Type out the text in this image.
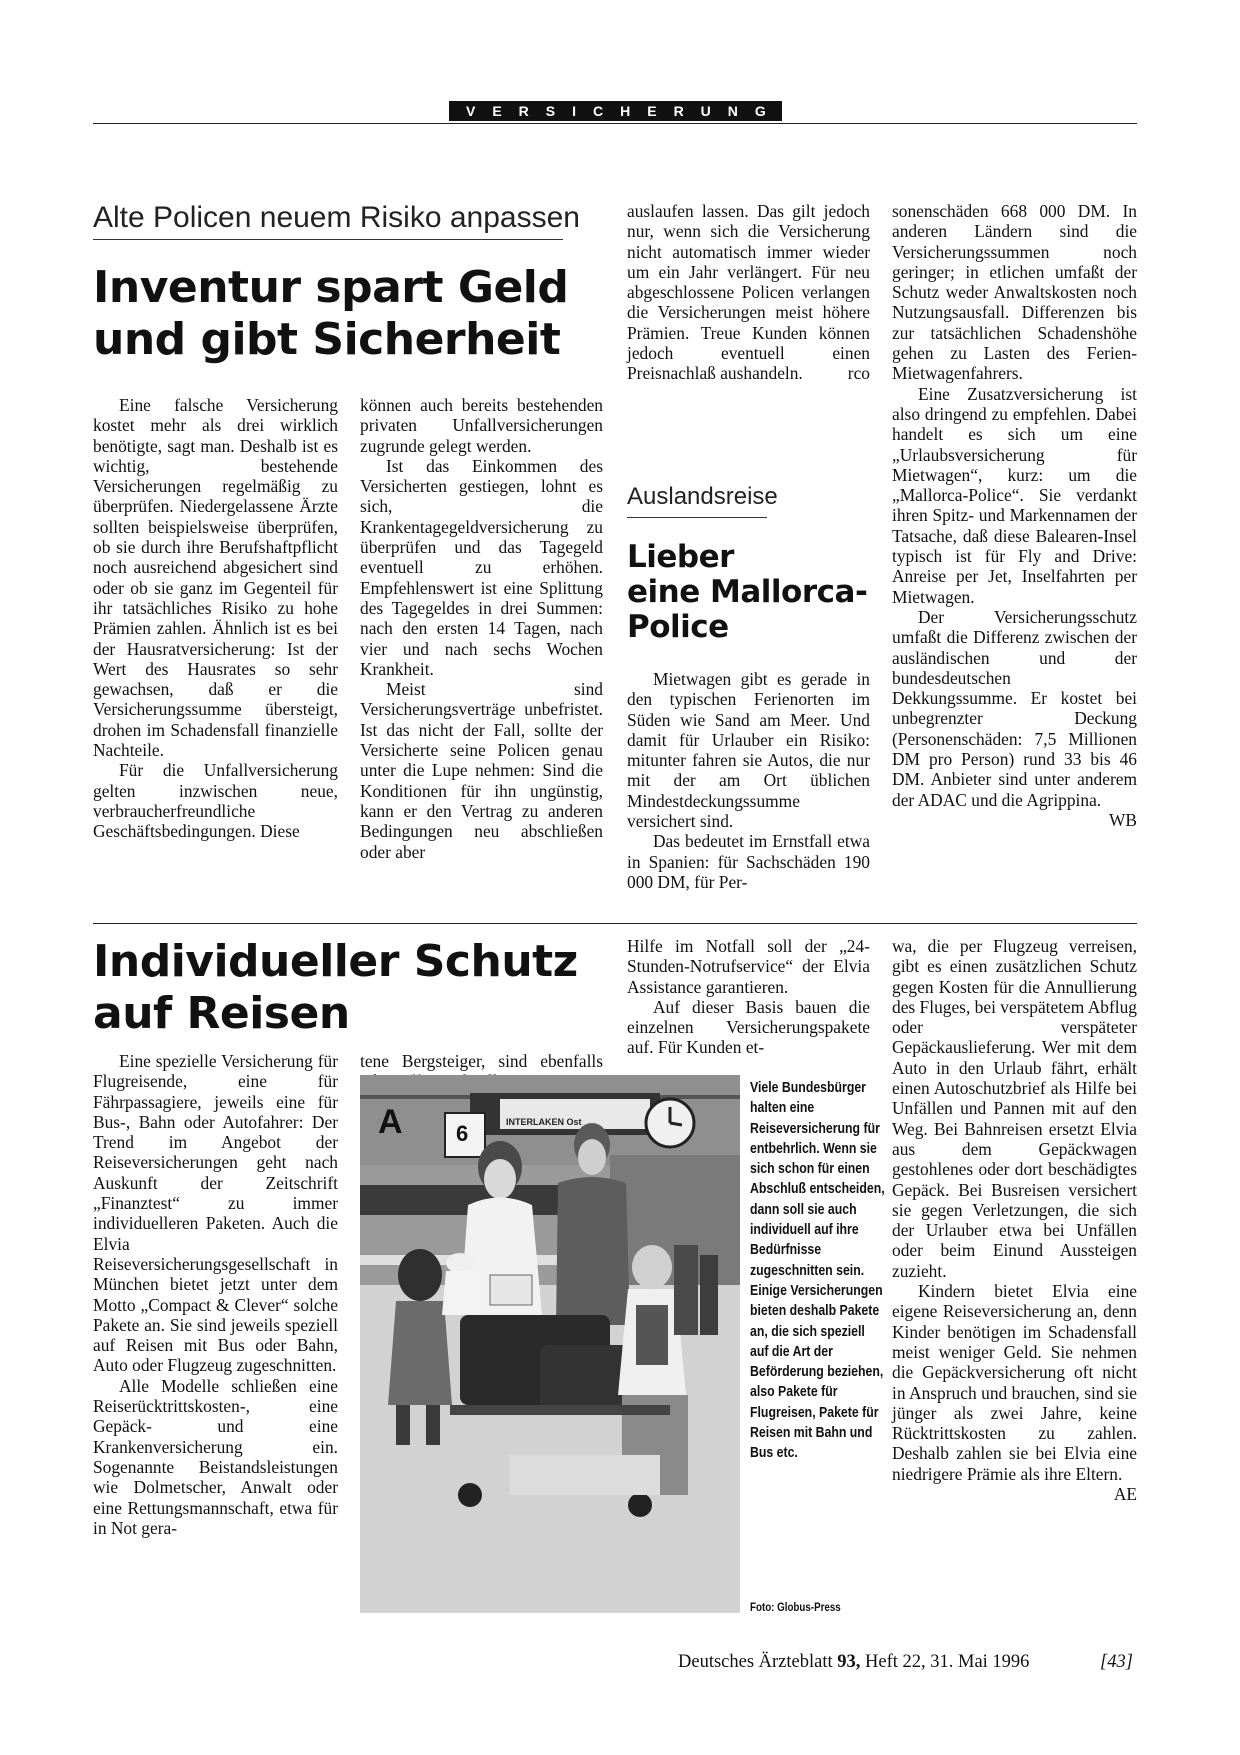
VERSICHERUNGEN
Alte Policen neuem Risiko anpassen
Inventur spart Geld
und gibt Sicherheit

Eine falsche Versicherung kostet mehr als drei wirklich benötigte, sagt man. Deshalb ist es wichtig, bestehende Versicherungen regelmäßig zu überprüfen. Niedergelassene Ärzte sollten beispielsweise überprüfen, ob sie durch ihre Berufshaftpflicht noch ausreichend abgesichert sind oder ob sie ganz im Gegenteil für ihr tatsächliches Risiko zu hohe Prämien zahlen. Ähnlich ist es bei der Hausratversicherung: Ist der Wert des Hausrates so sehr gewachsen, daß er die Versicherungssumme übersteigt, drohen im Schadensfall finanzielle Nachteile.

Für die Unfallversicherung gelten inzwischen neue, verbraucherfreundliche Geschäftsbedingungen. Diese

können auch bereits bestehenden privaten Unfallversicherungen zugrunde gelegt werden.

Ist das Einkommen des Versicherten gestiegen, lohnt es sich, die Krankentagegeldversicherung zu überprüfen und das Tagegeld eventuell zu erhöhen. Empfehlenswert ist eine Splittung des Tagegeldes in drei Summen: nach den ersten 14 Tagen, nach vier und nach sechs Wochen Krankheit.

Meist sind Versicherungsverträge unbefristet. Ist das nicht der Fall, sollte der Versicherte seine Policen genau unter die Lupe nehmen: Sind die Konditionen für ihn ungünstig, kann er den Vertrag zu anderen Bedingungen neu abschließen oder aber

auslaufen lassen. Das gilt jedoch nur, wenn sich die Versicherung nicht automatisch immer wieder um ein Jahr verlängert. Für neu abgeschlossene Policen verlangen die Versicherungen meist höhere Prämien. Treue Kunden können jedoch eventuell einen Preisnachlaß aushandeln.	rco

Auslandsreise
Lieber
eine Mallorca-
Police

Mietwagen gibt es gerade in den typischen Ferienorten im Süden wie Sand am Meer. Und damit für Urlauber ein Risiko: mitunter fahren sie Autos, die nur mit der am Ort üblichen Mindestdeckungssumme versichert sind.

Das bedeutet im Ernstfall etwa in Spanien: für Sachschäden 190 000 DM, für Per-

sonenschäden 668 000 DM. In anderen Ländern sind die Versicherungssummen noch geringer; in etlichen umfaßt der Schutz weder Anwaltskosten noch Nutzungsausfall. Differenzen bis zur tatsächlichen Schadenshöhe gehen zu Lasten des Ferien-Mietwagenfahrers.

Eine Zusatzversicherung ist also dringend zu empfehlen. Dabei handelt es sich um eine „Urlaubsversicherung für Mietwagen“, kurz: um die „Mallorca-Police“. Sie verdankt ihren Spitz- und Markennamen der Tatsache, daß diese Balearen-Insel typisch ist für Fly and Drive: Anreise per Jet, Inselfahrten per Mietwagen.

Der Versicherungsschutz umfaßt die Differenz zwischen der ausländischen und der bundesdeutschen Dekkungssumme. Er kostet bei unbegrenzter Deckung (Personenschäden: 7,5 Millionen DM pro Person) rund 33 bis 46 DM. Anbieter sind unter anderem der ADAC und die Agrippina.
WB

Individueller Schutz
auf Reisen

Eine spezielle Versicherung für Flugreisende, eine für Fährpassagiere, jeweils eine für Bus-, Bahn oder Autofahrer: Der Trend im Angebot der Reiseversicherungen geht nach Auskunft der Zeitschrift „Finanztest“ zu immer individuelleren Paketen. Auch die Elvia Reiseversicherungsgesellschaft in München bietet jetzt unter dem Motto „Compact & Clever“ solche Pakete an. Sie sind jeweils speziell auf Reisen mit Bus oder Bahn, Auto oder Flugzeug zugeschnitten.

Alle Modelle schließen eine Reiserücktrittskosten-, eine Gepäck- und eine Krankenversicherung ein. Sogenannte Beistandsleistungen wie Dolmetscher, Anwalt oder eine Rettungsmannschaft, etwa für in Not gera-

tene Bergsteiger, sind ebenfalls

Hilfe im Notfall soll der „24-Stunden-Notrufservice“ der Elvia Assistance garantieren.

Auf dieser Basis bauen die einzelnen Versicherungspakete auf. Für Kunden et-

wa, die per Flugzeug verreisen, gibt es einen zusätzlichen Schutz gegen Kosten für die Annullierung des Fluges, bei verspätetem Abflug oder verspäteter Gepäckauslieferung. Wer mit dem Auto in den Urlaub fährt, erhält einen Autoschutzbrief als Hilfe bei Unfällen und Pannen mit auf den Weg. Bei Bahnreisen ersetzt Elvia aus dem Gepäckwagen gestohlenes oder dort beschädigtes Gepäck. Bei Busreisen versichert sie gegen Verletzungen, die sich der Urlauber etwa bei Unfällen oder beim Einund Aussteigen zuzieht.

Kindern bietet Elvia eine eigene Reiseversicherung an, denn Kinder benötigen im Schadensfall meist weniger Geld. Sie nehmen die Gepäckversicherung oft nicht in Anspruch und brauchen, sind sie jünger als zwei Jahre, keine Rücktrittskosten zu zahlen. Deshalb zahlen sie bei Elvia eine niedrigere Prämie als ihre Eltern.
AE

A 6	INTERLAKEN Ost
Viele Bundesbürger halten eine Reiseversicherung für entbehrlich. Wenn sie sich schon für einen Abschluß entscheiden, dann soll sie auch individuell auf ihre Bedürfnisse zugeschnitten sein. Einige Versicherungen bieten deshalb Pakete an, die sich speziell auf die Art der Beförderung beziehen, also Pakete für Flugreisen, Pakete für Reisen mit Bahn und Bus etc.
Foto: Globus-Press
Deutsches Ärzteblatt 93, Heft 22, 31. Mai 1996	[43]
